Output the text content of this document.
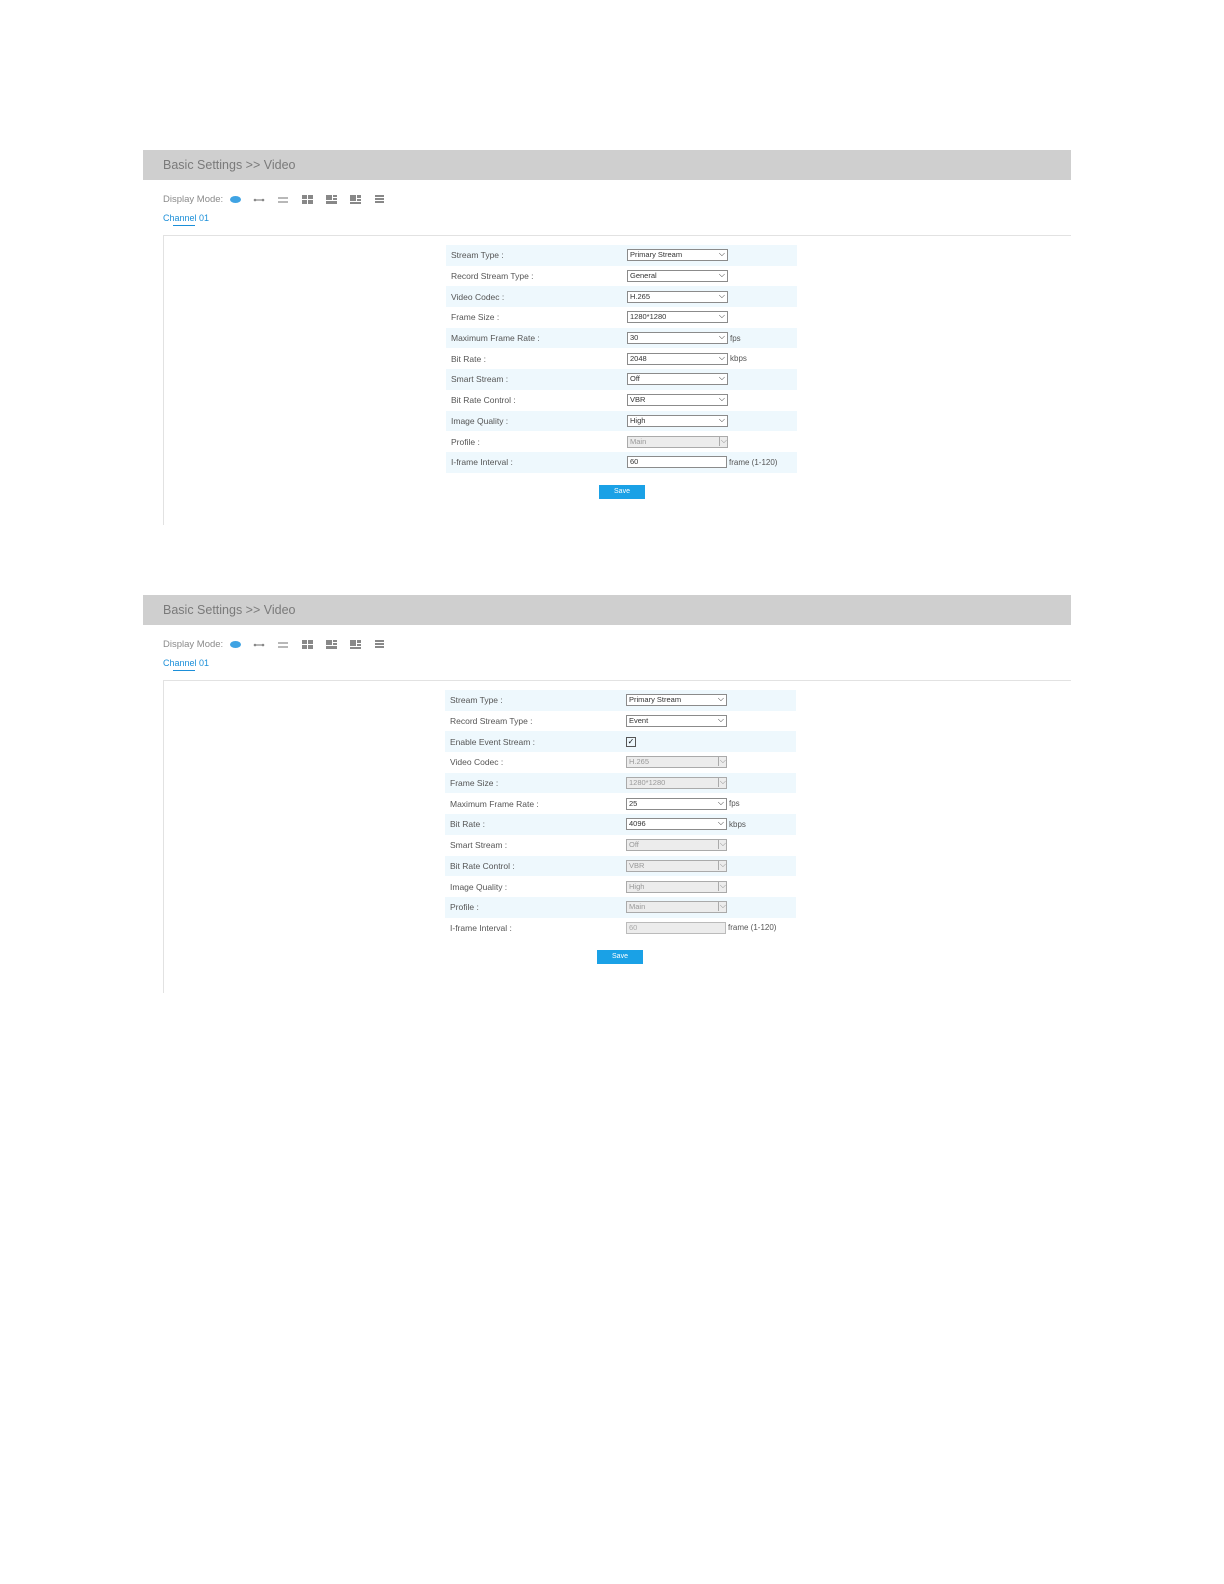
Basic Settings >> Video
Display Mode:
Channel 01
Stream Type :	Primary Stream ⌵

Record Stream Type :	General ⌵

Video Codec :	H.265 ⌵

Frame Size :	1280*1280 ⌵

Maximum Frame Rate :	30 ⌵ fps
Bit Rate :	2048 ⌵ kbps
Smart Stream :	Off ⌵

Bit Rate Control :	VBR ⌵

Image Quality :	High ⌵

Profile :	Main ⌵

I-frame Interval :	60 frame (1-120)
Save
Basic Settings >> Video
Display Mode:
Channel 01
Stream Type :	Primary Stream ⌵

Record Stream Type :	Event ⌵

Enable Event Stream :	✓
Video Codec :	H.265 ⌵

Frame Size :	1280*1280 ⌵

Maximum Frame Rate :	25 ⌵ fps
Bit Rate :	4096 ⌵ kbps
Smart Stream :	Off ⌵

Bit Rate Control :	VBR ⌵

Image Quality :	High ⌵

Profile :	Main ⌵

I-frame Interval :	60 frame (1-120)
Save
